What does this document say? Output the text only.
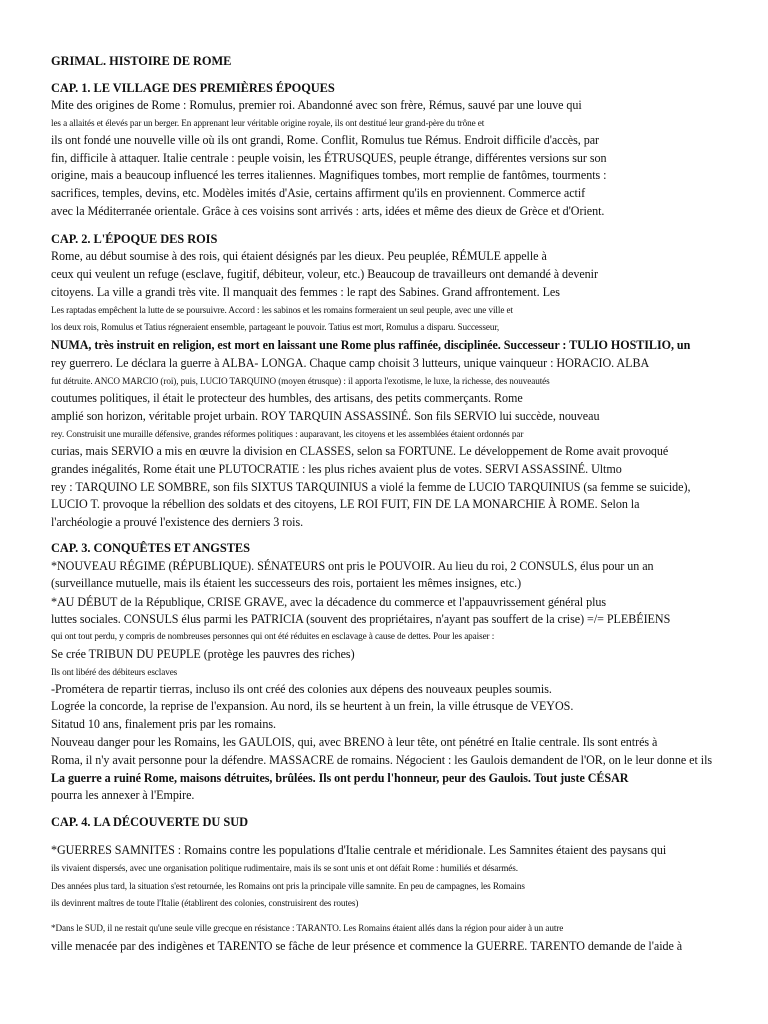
GRIMAL. HISTOIRE DE ROME

CAP. 1. LE VILLAGE DES PREMIÈRES ÉPOQUES

Mite des origines de Rome : Romulus, premier roi. Abandonné avec son frère, Rémus, sauvé par une louve qui

les a allaités et élevés par un berger. En apprenant leur véritable origine royale, ils ont destitué leur grand-père du trône et

ils ont fondé une nouvelle ville où ils ont grandi, Rome. Conflit, Romulus tue Rémus. Endroit difficile d'accès, par

fin, difficile à attaquer. Italie centrale : peuple voisin, les ÉTRUSQUES, peuple étrange, différentes versions sur son

origine, mais a beaucoup influencé les terres italiennes. Magnifiques tombes, mort remplie de fantômes, tourments :

sacrifices, temples, devins, etc. Modèles imités d'Asie, certains affirment qu'ils en proviennent. Commerce actif

avec la Méditerranée orientale. Grâce à ces voisins sont arrivés : arts, idées et même des dieux de Grèce et d'Orient.

CAP. 2. L'ÉPOQUE DES ROIS

Rome, au début soumise à des rois, qui étaient désignés par les dieux. Peu peuplée, RÉMULE appelle à

ceux qui veulent un refuge (esclave, fugitif, débiteur, voleur, etc.) Beaucoup de travailleurs ont demandé à devenir

citoyens. La ville a grandi très vite. Il manquait des femmes : le rapt des Sabines. Grand affrontement. Les

Les raptadas empêchent la lutte de se poursuivre. Accord : les sabinos et les romains formeraient un seul peuple, avec une ville et

los deux rois, Romulus et Tatius régneraient ensemble, partageant le pouvoir. Tatius est mort, Romulus a disparu. Successeur,

NUMA, très instruit en religion, est mort en laissant une Rome plus raffinée, disciplinée. Successeur : TULIO HOSTILIO, un

rey guerrero. Le déclara la guerre à ALBA- LONGA. Chaque camp choisit 3 lutteurs, unique vainqueur : HORACIO. ALBA

fut détruite. ANCO MARCIO (roi), puis, LUCIO TARQUINO (moyen étrusque) : il apporta l'exotisme, le luxe, la richesse, des nouveautés

coutumes politiques, il était le protecteur des humbles, des artisans, des petits commerçants. Rome

amplié son horizon, véritable projet urbain. ROY TARQUIN ASSASSINÉ. Son fils SERVIO lui succède, nouveau

rey. Construisit une muraille défensive, grandes réformes politiques : auparavant, les citoyens et les assemblées étaient ordonnés par

curias, mais SERVIO a mis en œuvre la division en CLASSES, selon sa FORTUNE. Le développement de Rome avait provoqué

grandes inégalités, Rome était une PLUTOCRATIE : les plus riches avaient plus de votes. SERVI ASSASSINÉ. Ultmo

rey : TARQUINO LE SOMBRE, son fils SIXTUS TARQUINIUS a violé la femme de LUCIO TARQUINIUS (sa femme se suicide),

LUCIO T. provoque la rébellion des soldats et des citoyens, LE ROI FUIT, FIN DE LA MONARCHIE À ROME. Selon la

l'archéologie a prouvé l'existence des derniers 3 rois.

CAP. 3. CONQUÊTES ET ANGSTES

*NOUVEAU RÉGIME (RÉPUBLIQUE). SÉNATEURS ont pris le POUVOIR. Au lieu du roi, 2 CONSULS, élus pour un an

(surveillance mutuelle, mais ils étaient les successeurs des rois, portaient les mêmes insignes, etc.)

*AU DÉBUT de la République, CRISE GRAVE, avec la décadence du commerce et l'appauvrissement général plus

luttes sociales. CONSULS élus parmi les PATRICIA (souvent des propriétaires, n'ayant pas souffert de la crise) =/= PLEBÉIENS

qui ont tout perdu, y compris de nombreuses personnes qui ont été réduites en esclavage à cause de dettes. Pour les apaiser :

Se crée TRIBUN DU PEUPLE (protège les pauvres des riches)

Ils ont libéré des débiteurs esclaves

-Prométera de repartir tierras, incluso ils ont créé des colonies aux dépens des nouveaux peuples soumis.

Logrée la concorde, la reprise de l'expansion. Au nord, ils se heurtent à un frein, la ville étrusque de VEYOS.

Sitatud 10 ans, finalement pris par les romains.

Nouveau danger pour les Romains, les GAULOIS, qui, avec BRENO à leur tête, ont pénétré en Italie centrale. Ils sont entrés à

Roma, il n'y avait personne pour la défendre. MASSACRE de romains. Négocient : les Gaulois demandent de l'OR, on le leur donne et ils

La guerre a ruiné Rome, maisons détruites, brûlées. Ils ont perdu l'honneur, peur des Gaulois. Tout juste CÉSAR

pourra les annexer à l'Empire.

CAP. 4. LA DÉCOUVERTE DU SUD

*GUERRES SAMNITES : Romains contre les populations d'Italie centrale et méridionale. Les Samnites étaient des paysans qui

ils vivaient dispersés, avec une organisation politique rudimentaire, mais ils se sont unis et ont défait Rome : humiliés et désarmés.

Des années plus tard, la situation s'est retournée, les Romains ont pris la principale ville samnite. En peu de campagnes, les Romains

ils devinrent maîtres de toute l'Italie (établirent des colonies, construisirent des routes)

*Dans le SUD, il ne restait qu'une seule ville grecque en résistance : TARANTO. Les Romains étaient allés dans la région pour aider à un autre

ville menacée par des indigènes et TARENTO se fâche de leur présence et commence la GUERRE. TARENTO demande de l'aide à
